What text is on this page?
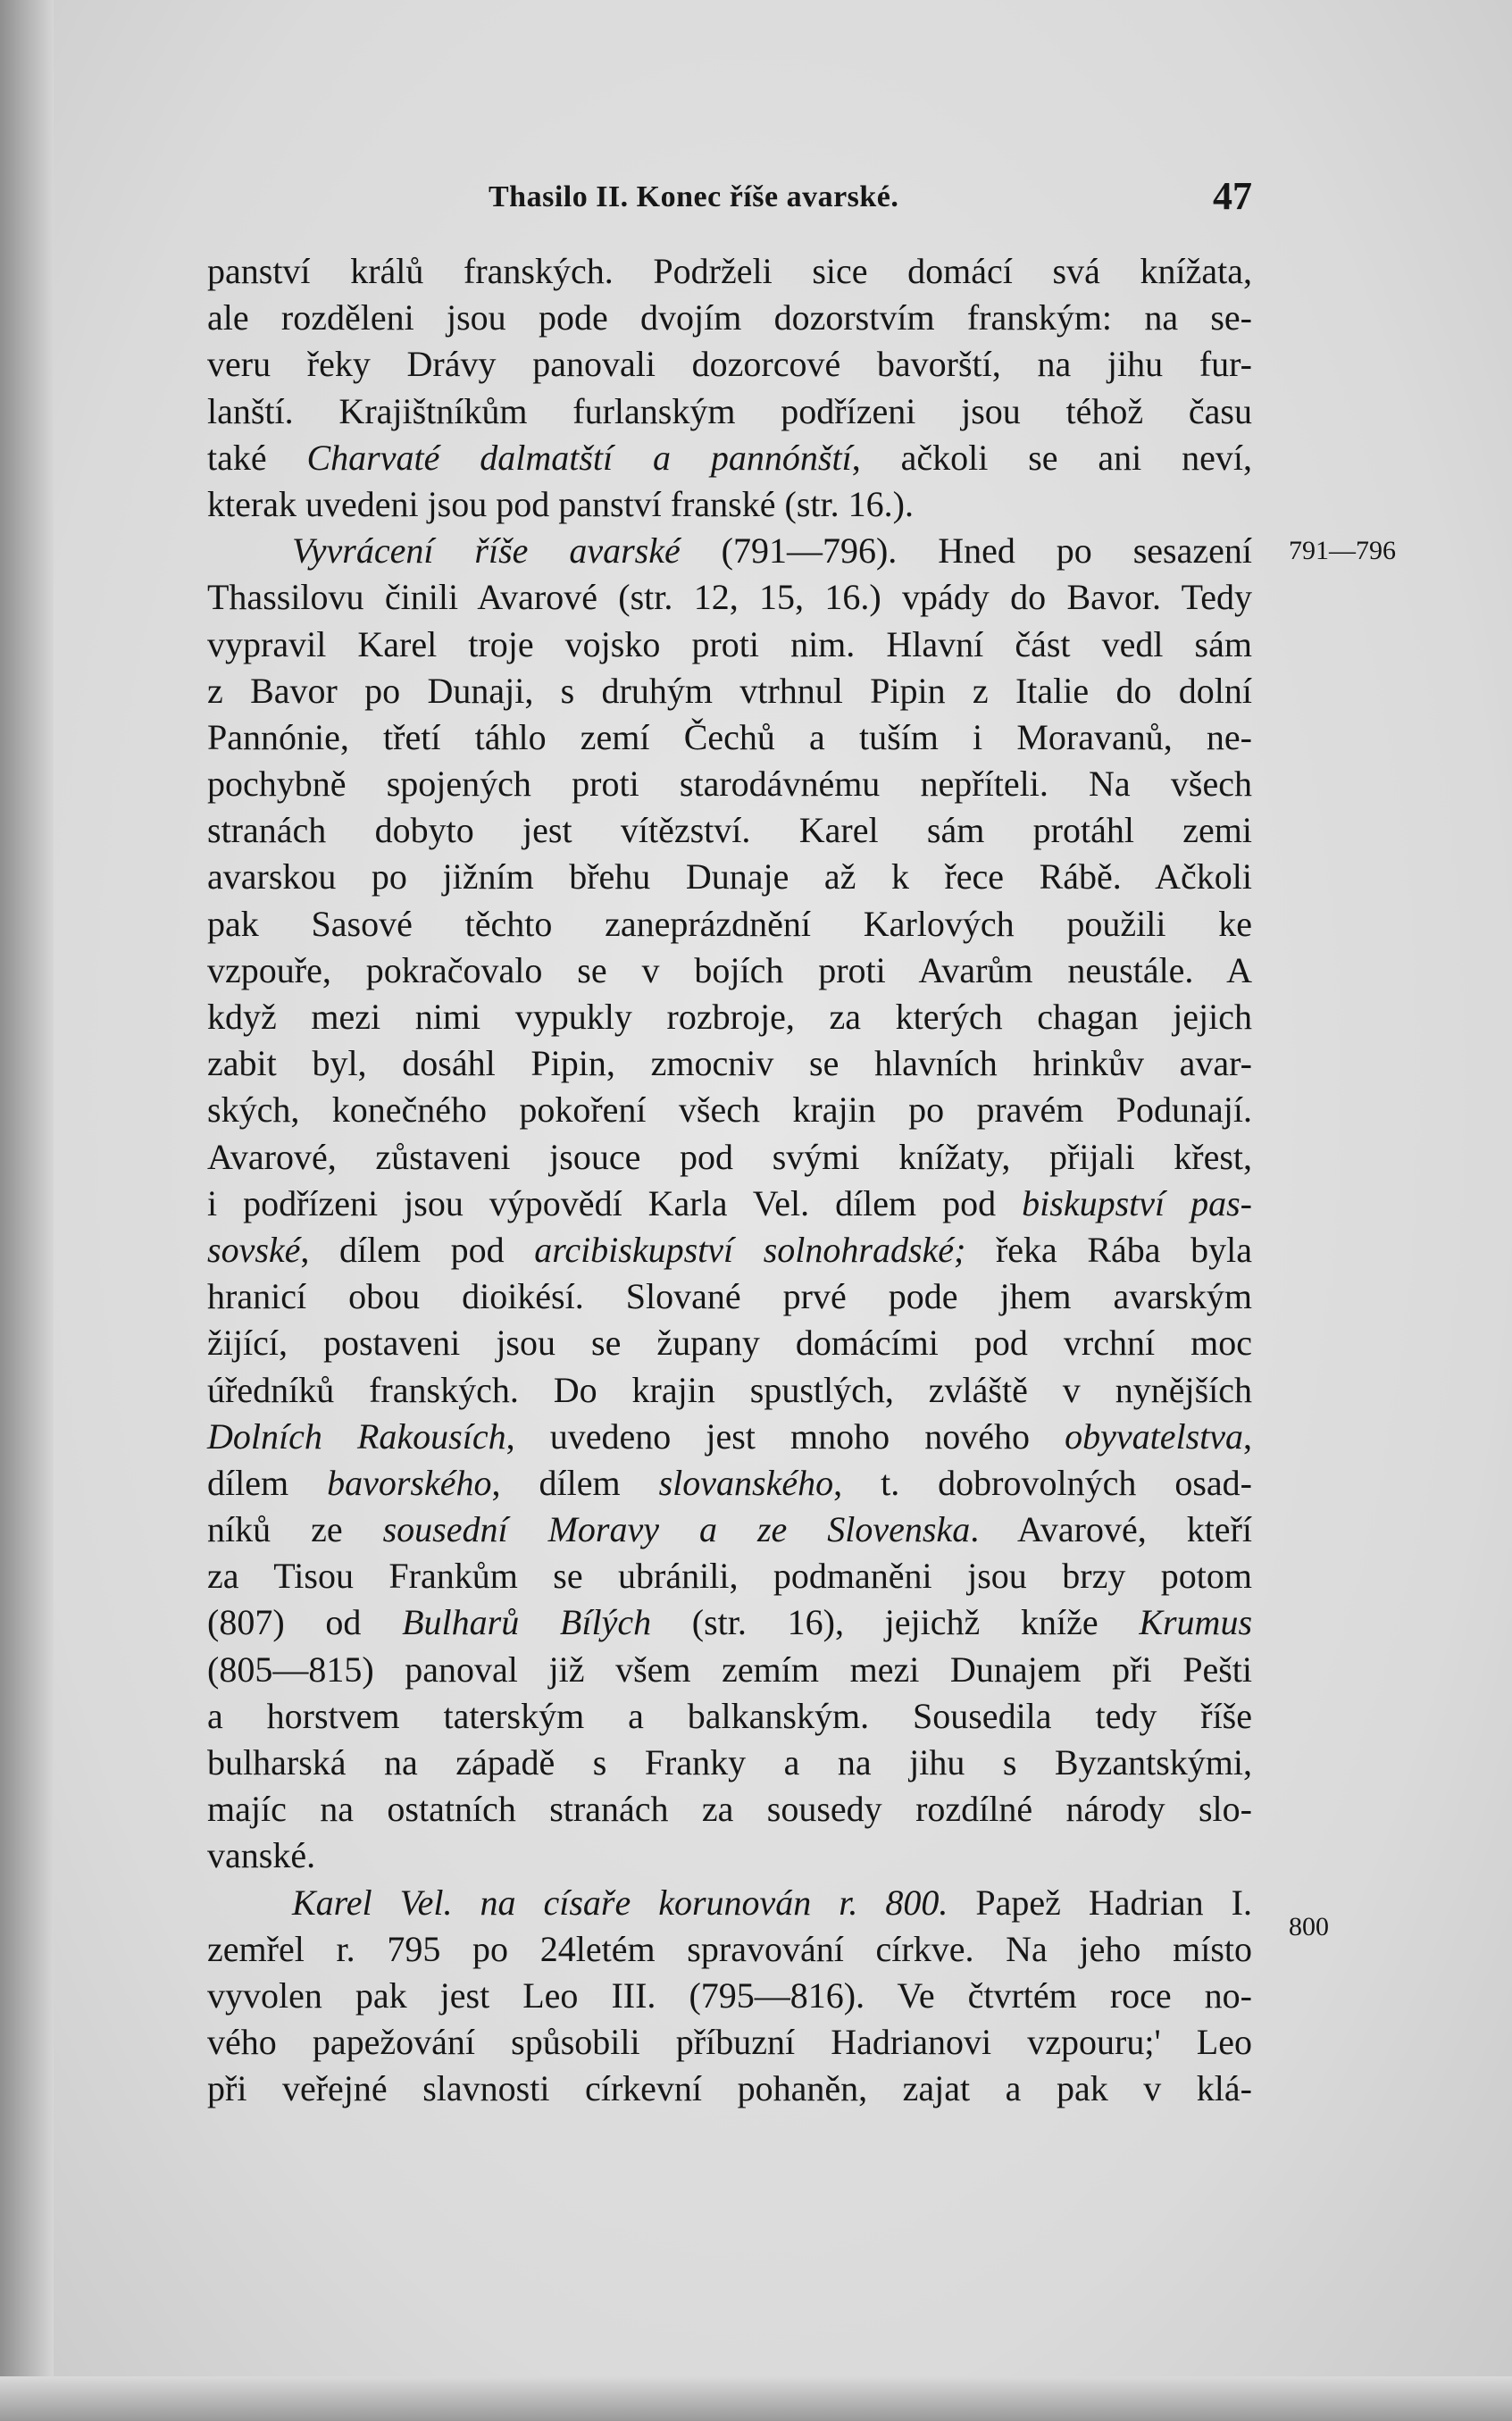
Thasilo II. Konec říše avarské.	47
791—796
800
panství králů franských. Podrželi sice domácí svá knížata,
ale rozděleni jsou pode dvojím dozorstvím franským: na se-
veru řeky Drávy panovali dozorcové bavorští, na jihu fur-
lanští. Krajištníkům furlanským podřízeni jsou téhož času
také Charvaté dalmatští a pannónští, ačkoli se ani neví,
kterak uvedeni jsou pod panství franské (str. 16.).
Vyvrácení říše avarské (791—796). Hned po sesazení
Thassilovu činili Avarové (str. 12, 15, 16.) vpády do Bavor. Tedy
vypravil Karel troje vojsko proti nim. Hlavní část vedl sám
z Bavor po Dunaji, s druhým vtrhnul Pipin z Italie do dolní
Pannónie, třetí táhlo zemí Čechů a tuším i Moravanů, ne-
pochybně spojených proti starodávnému nepříteli. Na všech
stranách dobyto jest vítězství. Karel sám protáhl zemi
avarskou po jižním břehu Dunaje až k řece Rábě. Ačkoli
pak Sasové těchto zaneprázdnění Karlových použili ke
vzpouře, pokračovalo se v bojích proti Avarům neustále. A
když mezi nimi vypukly rozbroje, za kterých chagan jejich
zabit byl, dosáhl Pipin, zmocniv se hlavních hrinkův avar-
ských, konečného pokoření všech krajin po pravém Podunají.
Avarové, zůstaveni jsouce pod svými knížaty, přijali křest,
i podřízeni jsou výpovědí Karla Vel. dílem pod biskupství pas-
sovské, dílem pod arcibiskupství solnohradské; řeka Rába byla
hranicí obou dioikésí. Slované prvé pode jhem avarským
žijící, postaveni jsou se župany domácími pod vrchní moc
úředníků franských. Do krajin spustlých, zvláště v nynějších
Dolních Rakousích, uvedeno jest mnoho nového obyvatelstva,
dílem bavorského, dílem slovanského, t. dobrovolných osad-
níků ze sousední Moravy a ze Slovenska. Avarové, kteří
za Tisou Frankům se ubránili, podmaněni jsou brzy potom
(807) od Bulharů Bílých (str. 16), jejichž kníže Krumus
(805—815) panoval již všem zemím mezi Dunajem při Pešti
a horstvem taterským a balkanským. Sousedila tedy říše
bulharská na západě s Franky a na jihu s Byzantskými,
majíc na ostatních stranách za sousedy rozdílné národy slo-
vanské.
Karel Vel. na císaře korunován r. 800. Papež Hadrian I.
zemřel r. 795 po 24letém spravování církve. Na jeho místo
vyvolen pak jest Leo III. (795—816). Ve čtvrtém roce no-
vého papežování spůsobili příbuzní Hadrianovi vzpouru;' Leo
při veřejné slavnosti církevní pohaněn, zajat a pak v klá-
